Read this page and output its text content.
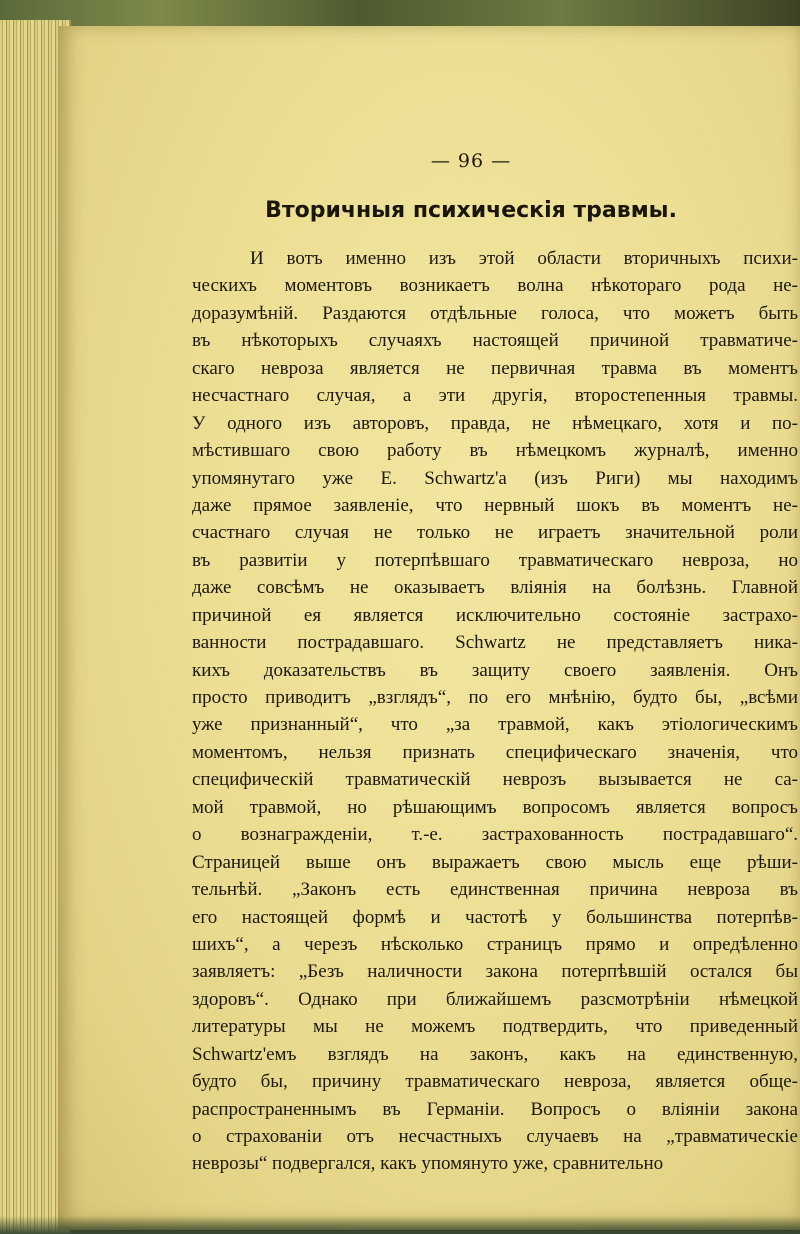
— 96 —
Вторичныя психическія травмы.
И вотъ именно изъ этой области вторичныхъ психи-
ческихъ моментовъ возникаетъ волна нѣкотораго рода не-
доразумѣній. Раздаются отдѣльные голоса, что можетъ быть
въ нѣкоторыхъ случаяхъ настоящей причиной травматиче-
скаго невроза является не первичная травма въ моментъ
несчастнаго случая, а эти другія, второстепенныя травмы.
У одного изъ авторовъ, правда, не нѣмецкаго, хотя и по-
мѣстившаго свою работу въ нѣмецкомъ журналѣ, именно
упомянутаго уже E. Schwartz'a (изъ Риги) мы находимъ
даже прямое заявленіе, что нервный шокъ въ моментъ не-
счастнаго случая не только не играетъ значительной роли
въ развитіи у потерпѣвшаго травматическаго невроза, но
даже совсѣмъ не оказываетъ вліянія на болѣзнь. Главной
причиной ея является исключительно состояніе застрахо-
ванности пострадавшаго. Schwartz не представляетъ ника-
кихъ доказательствъ въ защиту своего заявленія. Онъ
просто приводитъ „взглядъ“, по его мнѣнію, будто бы, „всѣми
уже признанный“, что „за травмой, какъ этіологическимъ
моментомъ, нельзя признать специфическаго значенія, что
специфическій травматическій неврозъ вызывается не са-
мой травмой, но рѣшающимъ вопросомъ является вопросъ
о вознагражденіи, т.-е. застрахованность пострадавшаго“.
Страницей выше онъ выражаетъ свою мысль еще рѣши-
тельнѣй. „Законъ есть единственная причина невроза въ
его настоящей формѣ и частотѣ у большинства потерпѣв-
шихъ“, а черезъ нѣсколько страницъ прямо и опредѣленно
заявляетъ: „Безъ наличности закона потерпѣвшій остался бы
здоровъ“. Однако при ближайшемъ разсмотрѣніи нѣмецкой
литературы мы не можемъ подтвердить, что приведенный
Schwartz'емъ взглядъ на законъ, какъ на единственную,
будто бы, причину травматическаго невроза, является обще-
распространеннымъ въ Германіи. Вопросъ о вліяніи закона
о страхованіи отъ несчастныхъ случаевъ на „травматическіе
неврозы“ подвергался, какъ упомянуто уже, сравнительно
